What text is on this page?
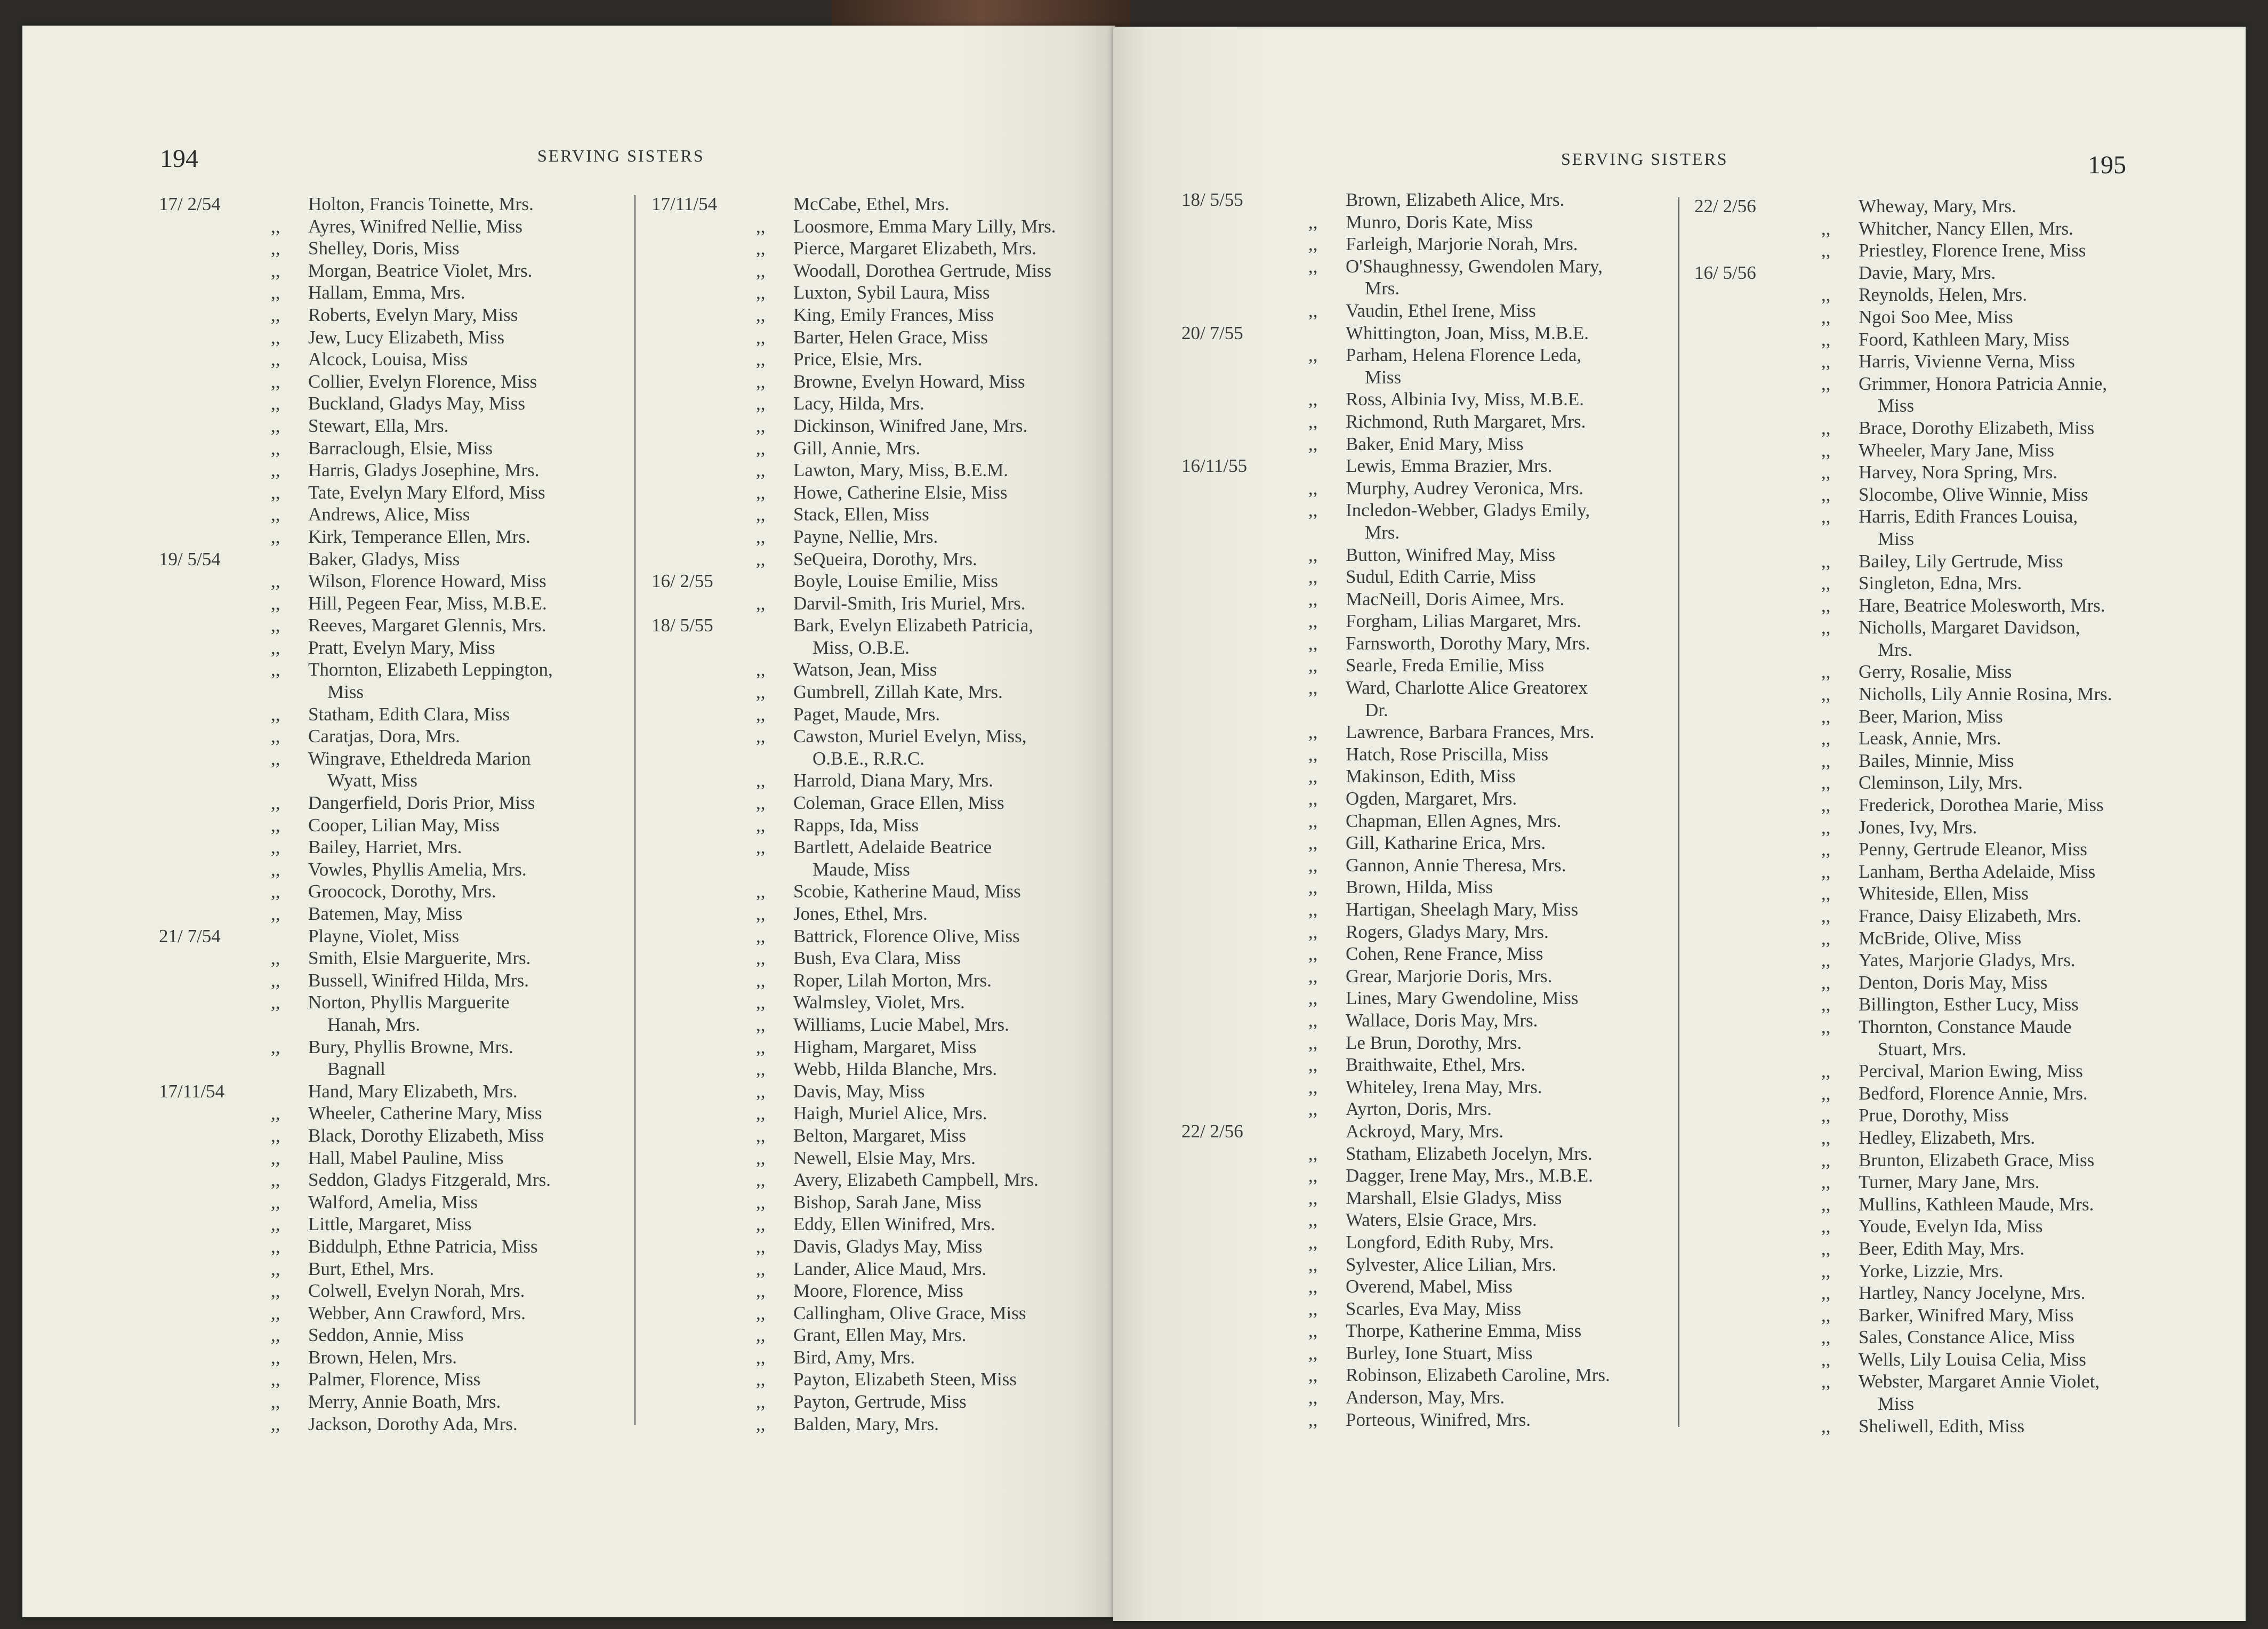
194	SERVING SISTERS
17/ 2/54	Holton, Francis Toinette, Mrs.
,, Ayres, Winifred Nellie, Miss
,, Shelley, Doris, Miss
,, Morgan, Beatrice Violet, Mrs.
,, Hallam, Emma, Mrs.
,, Roberts, Evelyn Mary, Miss
,, Jew, Lucy Elizabeth, Miss
,, Alcock, Louisa, Miss
,, Collier, Evelyn Florence, Miss
,, Buckland, Gladys May, Miss
,, Stewart, Ella, Mrs.
,, Barraclough, Elsie, Miss
,, Harris, Gladys Josephine, Mrs.
,, Tate, Evelyn Mary Elford, Miss
,, Andrews, Alice, Miss
,, Kirk, Temperance Ellen, Mrs.
19/ 5/54	Baker, Gladys, Miss
,, Wilson, Florence Howard, Miss
,, Hill, Pegeen Fear, Miss, M.B.E.
,, Reeves, Margaret Glennis, Mrs.
,, Pratt, Evelyn Mary, Miss
,, Thornton, Elizabeth Leppington,
Miss
,, Statham, Edith Clara, Miss
,, Caratjas, Dora, Mrs.
,, Wingrave, Etheldreda Marion
Wyatt, Miss
,, Dangerfield, Doris Prior, Miss
,, Cooper, Lilian May, Miss
,, Bailey, Harriet, Mrs.
,, Vowles, Phyllis Amelia, Mrs.
,, Groocock, Dorothy, Mrs.
,, Batemen, May, Miss
21/ 7/54	Playne, Violet, Miss
,, Smith, Elsie Marguerite, Mrs.
,, Bussell, Winifred Hilda, Mrs.
,, Norton, Phyllis Marguerite
Hanah, Mrs.
,, Bury, Phyllis Browne, Mrs.
Bagnall
17/11/54	Hand, Mary Elizabeth, Mrs.
,, Wheeler, Catherine Mary, Miss
,, Black, Dorothy Elizabeth, Miss
,, Hall, Mabel Pauline, Miss
,, Seddon, Gladys Fitzgerald, Mrs.
,, Walford, Amelia, Miss
,, Little, Margaret, Miss
,, Biddulph, Ethne Patricia, Miss
,, Burt, Ethel, Mrs.
,, Colwell, Evelyn Norah, Mrs.
,, Webber, Ann Crawford, Mrs.
,, Seddon, Annie, Miss
,, Brown, Helen, Mrs.
,, Palmer, Florence, Miss
,, Merry, Annie Boath, Mrs.
,, Jackson, Dorothy Ada, Mrs.
17/11/54	McCabe, Ethel, Mrs.
,, Loosmore, Emma Mary Lilly, Mrs.
,, Pierce, Margaret Elizabeth, Mrs.
,, Woodall, Dorothea Gertrude, Miss
,, Luxton, Sybil Laura, Miss
,, King, Emily Frances, Miss
,, Barter, Helen Grace, Miss
,, Price, Elsie, Mrs.
,, Browne, Evelyn Howard, Miss
,, Lacy, Hilda, Mrs.
,, Dickinson, Winifred Jane, Mrs.
,, Gill, Annie, Mrs.
,, Lawton, Mary, Miss, B.E.M.
,, Howe, Catherine Elsie, Miss
,, Stack, Ellen, Miss
,, Payne, Nellie, Mrs.
,, SeQueira, Dorothy, Mrs.
16/ 2/55	Boyle, Louise Emilie, Miss
,, Darvil-Smith, Iris Muriel, Mrs.
18/ 5/55	Bark, Evelyn Elizabeth Patricia,
Miss, O.B.E.
,, Watson, Jean, Miss
,, Gumbrell, Zillah Kate, Mrs.
,, Paget, Maude, Mrs.
,, Cawston, Muriel Evelyn, Miss,
O.B.E., R.R.C.
,, Harrold, Diana Mary, Mrs.
,, Coleman, Grace Ellen, Miss
,, Rapps, Ida, Miss
,, Bartlett, Adelaide Beatrice
Maude, Miss
,, Scobie, Katherine Maud, Miss
,, Jones, Ethel, Mrs.
,, Battrick, Florence Olive, Miss
,, Bush, Eva Clara, Miss
,, Roper, Lilah Morton, Mrs.
,, Walmsley, Violet, Mrs.
,, Williams, Lucie Mabel, Mrs.
,, Higham, Margaret, Miss
,, Webb, Hilda Blanche, Mrs.
,, Davis, May, Miss
,, Haigh, Muriel Alice, Mrs.
,, Belton, Margaret, Miss
,, Newell, Elsie May, Mrs.
,, Avery, Elizabeth Campbell, Mrs.
,, Bishop, Sarah Jane, Miss
,, Eddy, Ellen Winifred, Mrs.
,, Davis, Gladys May, Miss
,, Lander, Alice Maud, Mrs.
,, Moore, Florence, Miss
,, Callingham, Olive Grace, Miss
,, Grant, Ellen May, Mrs.
,, Bird, Amy, Mrs.
,, Payton, Elizabeth Steen, Miss
,, Payton, Gertrude, Miss
,, Balden, Mary, Mrs.
SERVING SISTERS	195
18/ 5/55	Brown, Elizabeth Alice, Mrs.
,, Munro, Doris Kate, Miss
,, Farleigh, Marjorie Norah, Mrs.
,, O'Shaughnessy, Gwendolen Mary,
Mrs.
,, Vaudin, Ethel Irene, Miss
20/ 7/55	Whittington, Joan, Miss, M.B.E.
,, Parham, Helena Florence Leda,
Miss
,, Ross, Albinia Ivy, Miss, M.B.E.
,, Richmond, Ruth Margaret, Mrs.
,, Baker, Enid Mary, Miss
16/11/55	Lewis, Emma Brazier, Mrs.
,, Murphy, Audrey Veronica, Mrs.
,, Incledon-Webber, Gladys Emily,
Mrs.
,, Button, Winifred May, Miss
,, Sudul, Edith Carrie, Miss
,, MacNeill, Doris Aimee, Mrs.
,, Forgham, Lilias Margaret, Mrs.
,, Farnsworth, Dorothy Mary, Mrs.
,, Searle, Freda Emilie, Miss
,, Ward, Charlotte Alice Greatorex
Dr.
,, Lawrence, Barbara Frances, Mrs.
,, Hatch, Rose Priscilla, Miss
,, Makinson, Edith, Miss
,, Ogden, Margaret, Mrs.
,, Chapman, Ellen Agnes, Mrs.
,, Gill, Katharine Erica, Mrs.
,, Gannon, Annie Theresa, Mrs.
,, Brown, Hilda, Miss
,, Hartigan, Sheelagh Mary, Miss
,, Rogers, Gladys Mary, Mrs.
,, Cohen, Rene France, Miss
,, Grear, Marjorie Doris, Mrs.
,, Lines, Mary Gwendoline, Miss
,, Wallace, Doris May, Mrs.
,, Le Brun, Dorothy, Mrs.
,, Braithwaite, Ethel, Mrs.
,, Whiteley, Irena May, Mrs.
,, Ayrton, Doris, Mrs.
22/ 2/56	Ackroyd, Mary, Mrs.
,, Statham, Elizabeth Jocelyn, Mrs.
,, Dagger, Irene May, Mrs., M.B.E.
,, Marshall, Elsie Gladys, Miss
,, Waters, Elsie Grace, Mrs.
,, Longford, Edith Ruby, Mrs.
,, Sylvester, Alice Lilian, Mrs.
,, Overend, Mabel, Miss
,, Scarles, Eva May, Miss
,, Thorpe, Katherine Emma, Miss
,, Burley, Ione Stuart, Miss
,, Robinson, Elizabeth Caroline, Mrs.
,, Anderson, May, Mrs.
,, Porteous, Winifred, Mrs.
22/ 2/56	Wheway, Mary, Mrs.
,, Whitcher, Nancy Ellen, Mrs.
,, Priestley, Florence Irene, Miss
16/ 5/56	Davie, Mary, Mrs.
,, Reynolds, Helen, Mrs.
,, Ngoi Soo Mee, Miss
,, Foord, Kathleen Mary, Miss
,, Harris, Vivienne Verna, Miss
,, Grimmer, Honora Patricia Annie,
Miss
,, Brace, Dorothy Elizabeth, Miss
,, Wheeler, Mary Jane, Miss
,, Harvey, Nora Spring, Mrs.
,, Slocombe, Olive Winnie, Miss
,, Harris, Edith Frances Louisa,
Miss
,, Bailey, Lily Gertrude, Miss
,, Singleton, Edna, Mrs.
,, Hare, Beatrice Molesworth, Mrs.
,, Nicholls, Margaret Davidson,
Mrs.
,, Gerry, Rosalie, Miss
,, Nicholls, Lily Annie Rosina, Mrs.
,, Beer, Marion, Miss
,, Leask, Annie, Mrs.
,, Bailes, Minnie, Miss
,, Cleminson, Lily, Mrs.
,, Frederick, Dorothea Marie, Miss
,, Jones, Ivy, Mrs.
,, Penny, Gertrude Eleanor, Miss
,, Lanham, Bertha Adelaide, Miss
,, Whiteside, Ellen, Miss
,, France, Daisy Elizabeth, Mrs.
,, McBride, Olive, Miss
,, Yates, Marjorie Gladys, Mrs.
,, Denton, Doris May, Miss
,, Billington, Esther Lucy, Miss
,, Thornton, Constance Maude
Stuart, Mrs.
,, Percival, Marion Ewing, Miss
,, Bedford, Florence Annie, Mrs.
,, Prue, Dorothy, Miss
,, Hedley, Elizabeth, Mrs.
,, Brunton, Elizabeth Grace, Miss
,, Turner, Mary Jane, Mrs.
,, Mullins, Kathleen Maude, Mrs.
,, Youde, Evelyn Ida, Miss
,, Beer, Edith May, Mrs.
,, Yorke, Lizzie, Mrs.
,, Hartley, Nancy Jocelyne, Mrs.
,, Barker, Winifred Mary, Miss
,, Sales, Constance Alice, Miss
,, Wells, Lily Louisa Celia, Miss
,, Webster, Margaret Annie Violet,
Miss
,, Sheliwell, Edith, Miss
